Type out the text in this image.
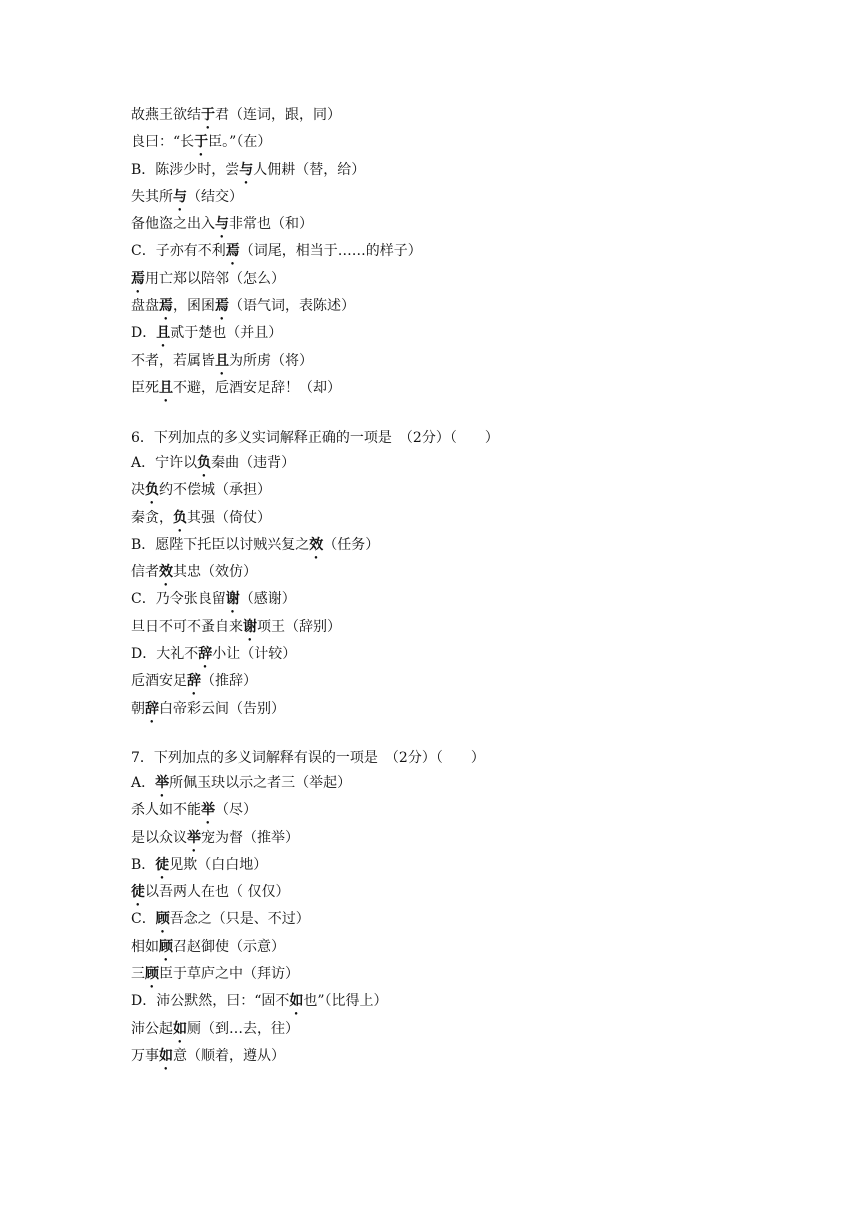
故燕王欲结于君（连词，跟，同）
良曰：“长于臣。”（在）
B．陈涉少时，尝与人佣耕（替，给）
失其所与（结交）
备他盗之出入与非常也（和）
C．子亦有不利焉（词尾，相当于……的样子）
焉用亡郑以陪邻（怎么）
盘盘焉，囷囷焉（语气词，表陈述）
D．且贰于楚也（并且）
不者，若属皆且为所虏（将）
臣死且不避，卮酒安足辞！（却）
6．下列加点的多义实词解释正确的一项是　（2分）（　　）
A．宁许以负秦曲（违背）
决负约不偿城（承担）
秦贪，负其强（倚仗）
B．愿陛下托臣以讨贼兴复之效（任务）
信者效其忠（效仿）
C．乃令张良留谢（感谢）
旦日不可不蚤自来谢项王（辞别）
D．大礼不辞小让（计较）
卮酒安足辞（推辞）
朝辞白帝彩云间（告别）
7．下列加点的多义词解释有误的一项是　（2分）（　　）
A．举所佩玉玦以示之者三（举起）
杀人如不能举（尽）
是以众议举宠为督（推举）
B．徒见欺（白白地）
徒以吾两人在也（ 仅仅）
C．顾吾念之（只是、不过）
相如顾召赵御使（示意）
三顾臣于草庐之中（拜访）
D．沛公默然，曰：“固不如也”（比得上）
沛公起如厕（到…去，往）
万事如意（顺着，遵从）
